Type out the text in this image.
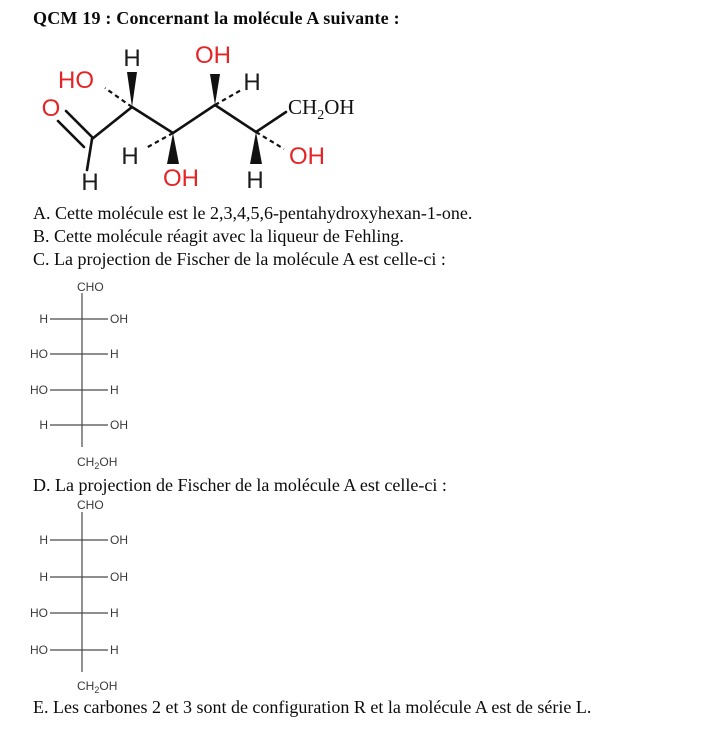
QCM 19 : Concernant la molécule A suivante :
O
HO
H OH
H
H
H
OH H
OH
$CH_2OH$
A. Cette molécule est le 2,3,4,5,6-pentahydroxyhexan-1-one.
B. Cette molécule réagit avec la liqueur de Fehling.
C. La projection de Fischer de la molécule A est celle-ci :
CHO
H	OH
HO	H
HO	H
H	OH
$CH_2OH$
D. La projection de Fischer de la molécule A est celle-ci :
CHO
H	OH
H	OH
HO	H
HO	H
$CH_2OH$
E. Les carbones 2 et 3 sont de configuration R et la molécule A est de série L.
